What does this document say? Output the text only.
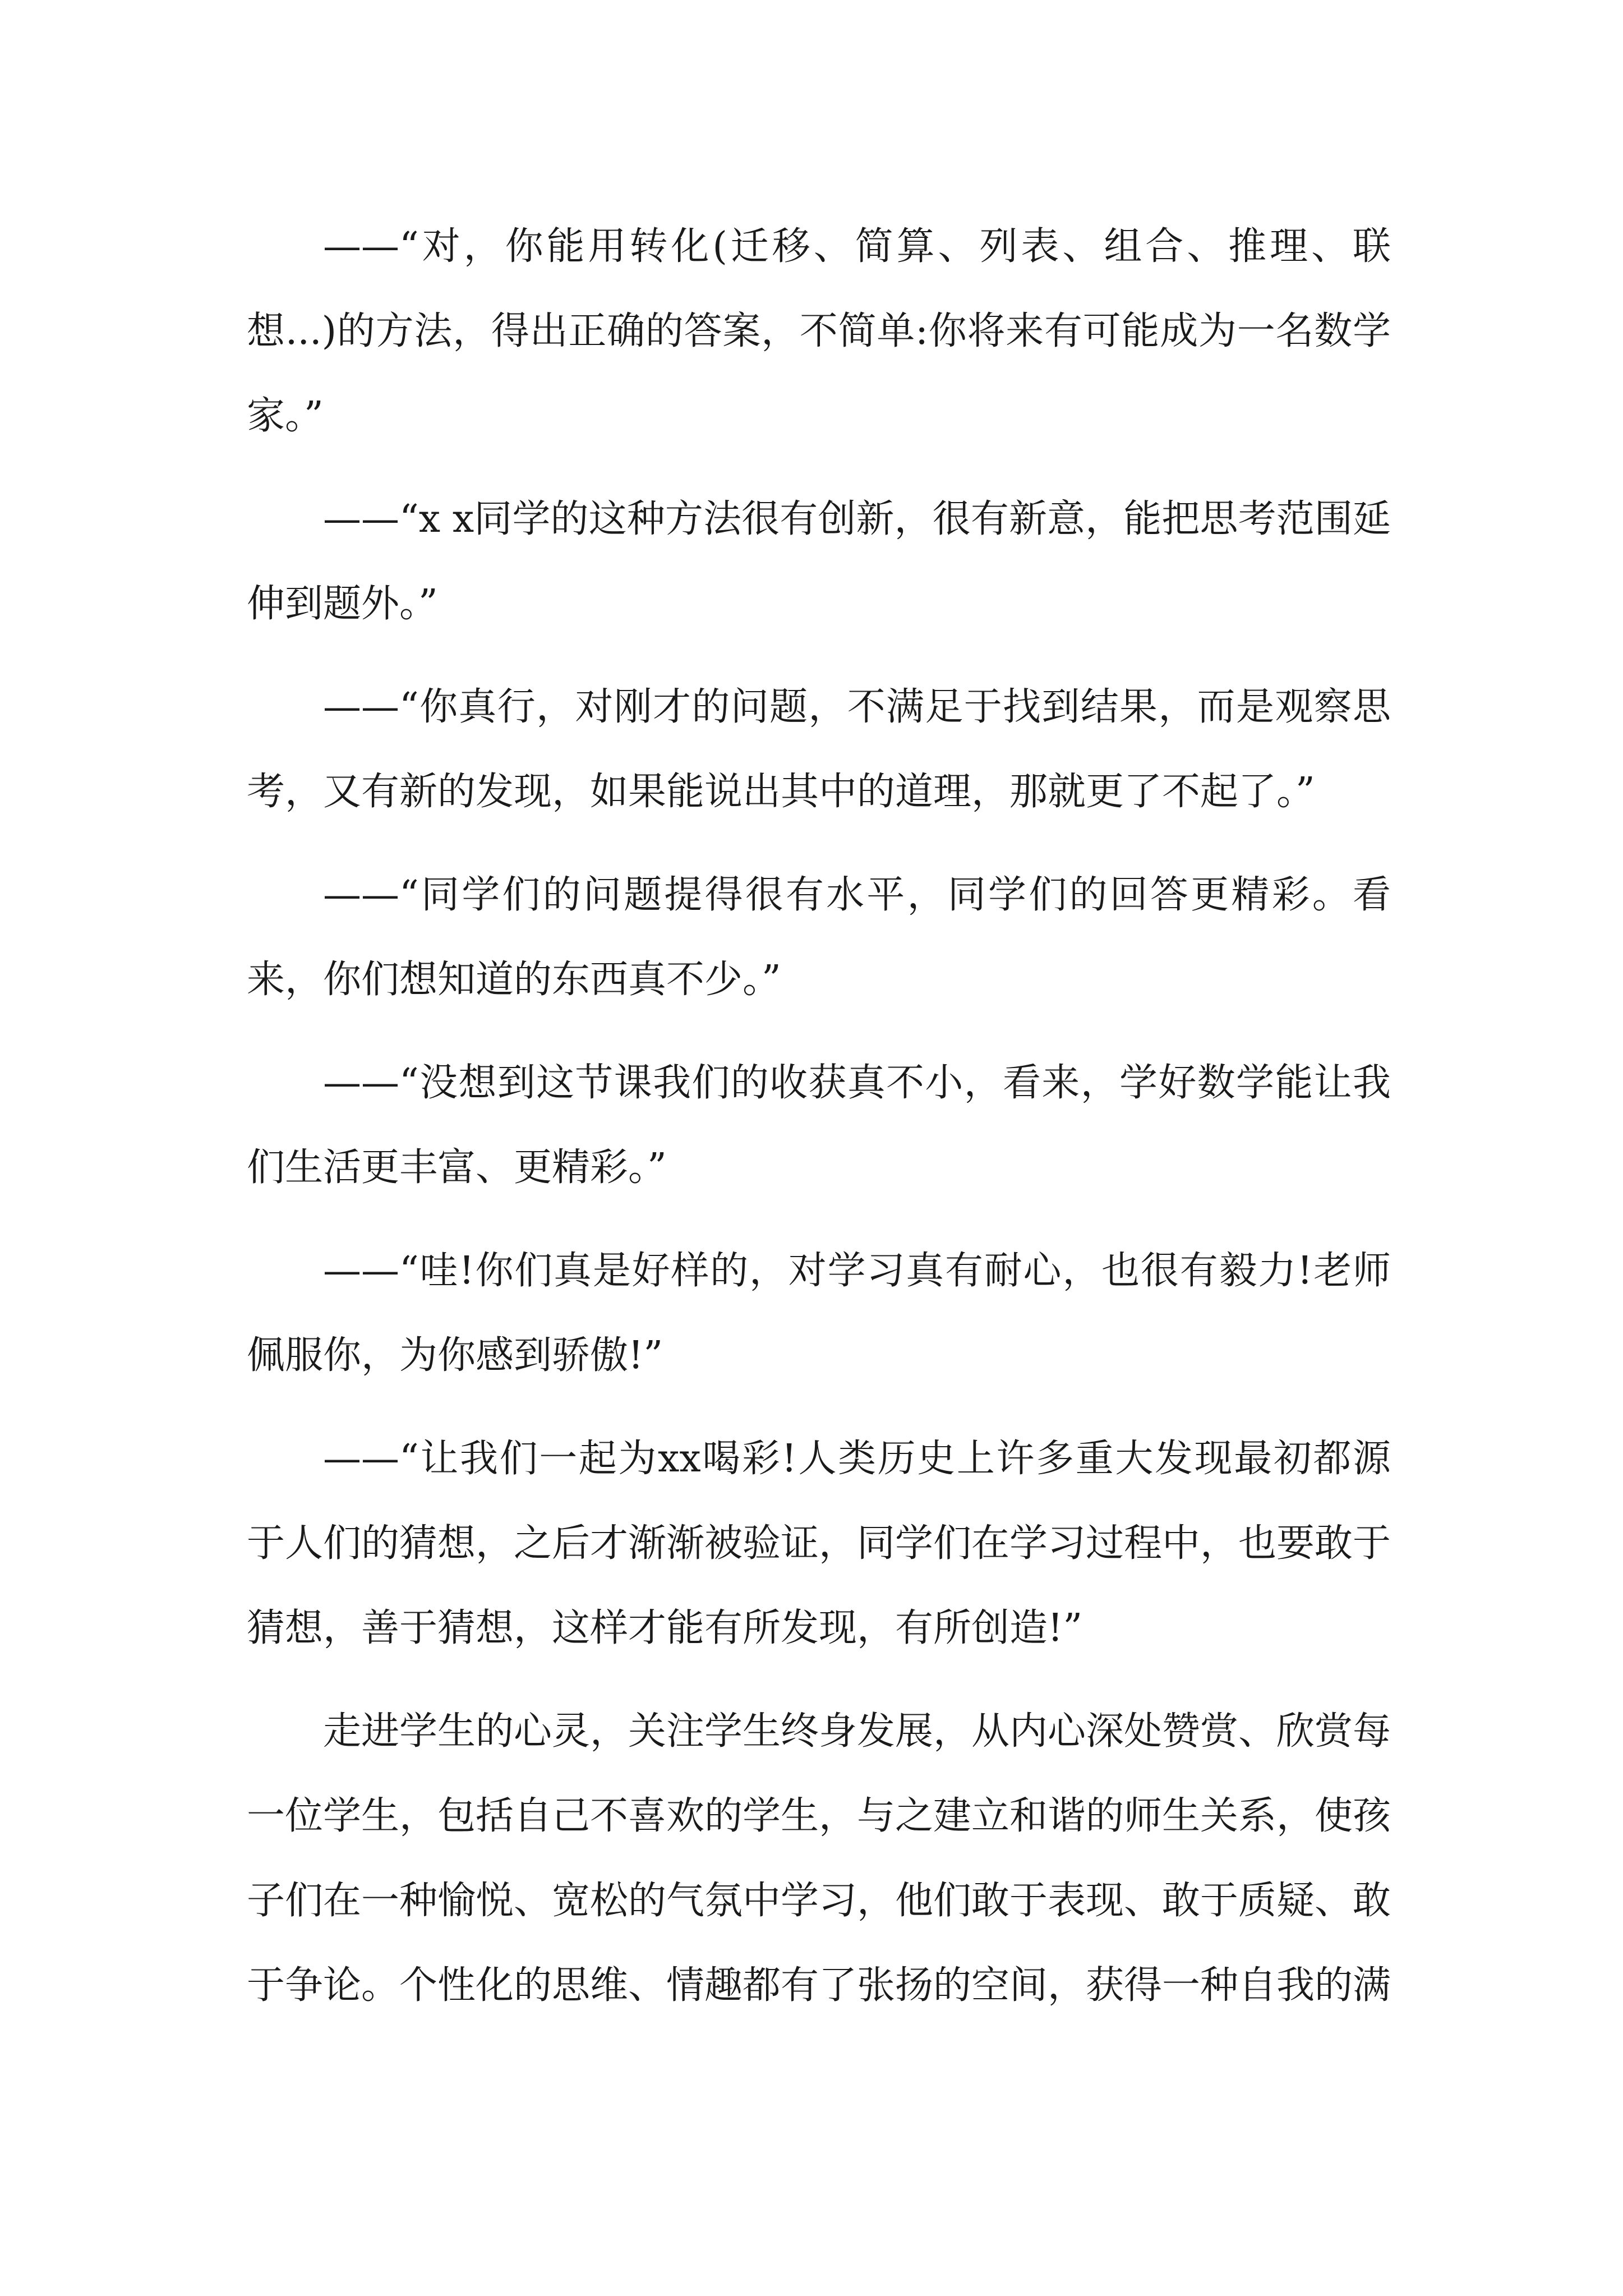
——“对，你能用转化(迁移、简算、列表、组合、推理、联想...)的方法，得出正确的答案，不简单:你将来有可能成为一名数学家。”

——“x x同学的这种方法很有创新，很有新意，能把思考范围延伸到题外。”

——“你真行，对刚才的问题，不满足于找到结果，而是观察思考，又有新的发现，如果能说出其中的道理，那就更了不起了。”

——“同学们的问题提得很有水平，同学们的回答更精彩。看来，你们想知道的东西真不少。”

——“没想到这节课我们的收获真不小，看来，学好数学能让我们生活更丰富、更精彩。”

——“哇!你们真是好样的，对学习真有耐心，也很有毅力!老师佩服你，为你感到骄傲!”

——“让我们一起为xx喝彩!人类历史上许多重大发现最初都源于人们的猜想，之后才渐渐被验证，同学们在学习过程中，也要敢于猜想，善于猜想，这样才能有所发现，有所创造!”

走进学生的心灵，关注学生终身发展，从内心深处赞赏、欣赏每一位学生，包括自己不喜欢的学生，与之建立和谐的师生关系，使孩子们在一种愉悦、宽松的气氛中学习，他们敢于表现、敢于质疑、敢于争论。个性化的思维、情趣都有了张扬的空间，获得一种自我的满
